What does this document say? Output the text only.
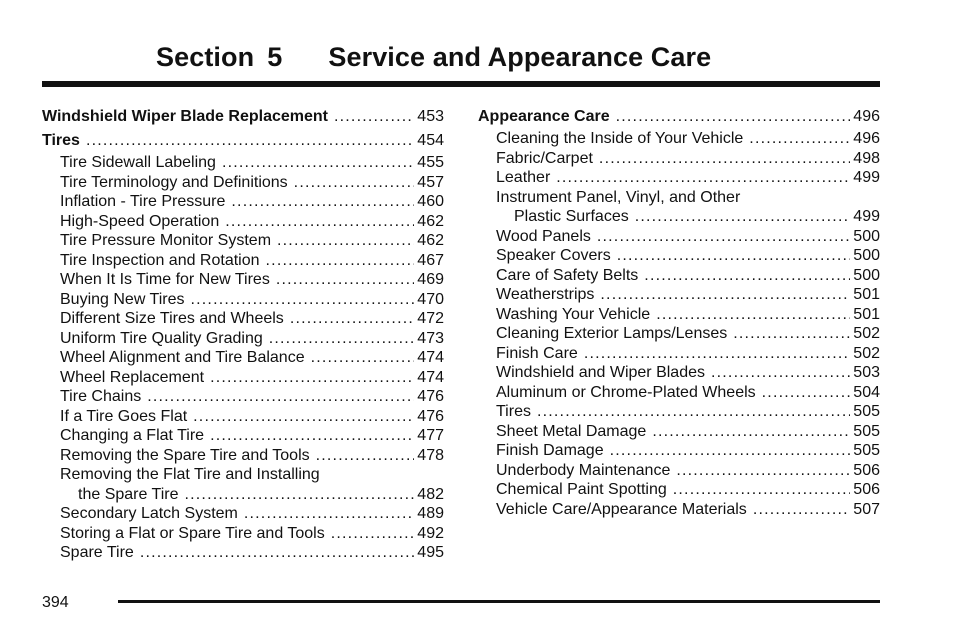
Section 5 Service and Appearance Care
Windshield Wiper Blade Replacement .....	453
Tires .....	454
Tire Sidewall Labeling .....	455
Tire Terminology and Definitions .....	457
Inflation - Tire Pressure .....	460
High-Speed Operation .....	462
Tire Pressure Monitor System .....	462
Tire Inspection and Rotation .....	467
When It Is Time for New Tires .....	469
Buying New Tires .....	470
Different Size Tires and Wheels .....	472
Uniform Tire Quality Grading .....	473
Wheel Alignment and Tire Balance .....	474
Wheel Replacement .....	474
Tire Chains .....	476
If a Tire Goes Flat .....	476
Changing a Flat Tire .....	477
Removing the Spare Tire and Tools .....	478
Removing the Flat Tire and Installing
the Spare Tire .....	482
Secondary Latch System .....	489
Storing a Flat or Spare Tire and Tools .....	492
Spare Tire .....	495
Appearance Care .....	496
Cleaning the Inside of Your Vehicle .....	496
Fabric/Carpet .....	498
Leather .....	499
Instrument Panel, Vinyl, and Other
Plastic Surfaces .....	499
Wood Panels .....	500
Speaker Covers .....	500
Care of Safety Belts .....	500
Weatherstrips .....	501
Washing Your Vehicle .....	501
Cleaning Exterior Lamps/Lenses .....	502
Finish Care .....	502
Windshield and Wiper Blades .....	503
Aluminum or Chrome-Plated Wheels .....	504
Tires .....	505
Sheet Metal Damage .....	505
Finish Damage .....	505
Underbody Maintenance .....	506
Chemical Paint Spotting .....	506
Vehicle Care/Appearance Materials .....	507
394
